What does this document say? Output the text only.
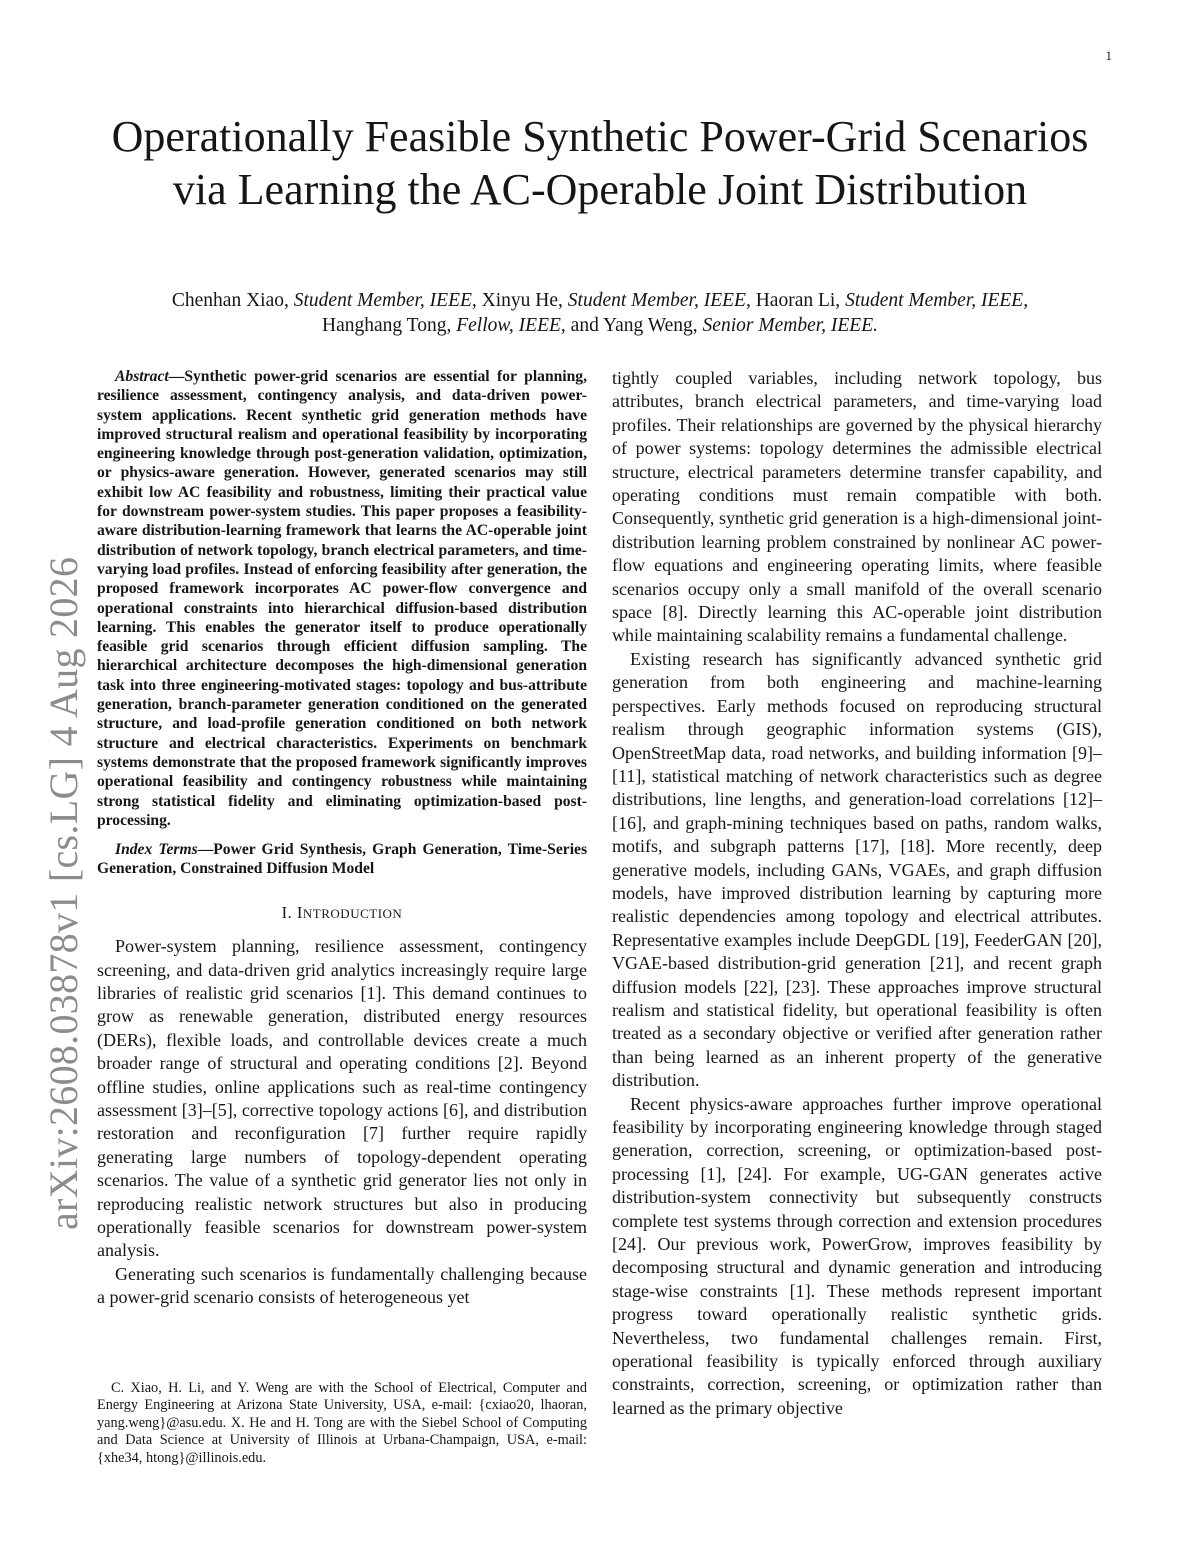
1
arXiv:2608.03878v1 [cs.LG] 4 Aug 2026
Operationally Feasible Synthetic Power-Grid Scenarios via Learning the AC-Operable Joint Distribution
Chenhan Xiao, Student Member, IEEE, Xinyu He, Student Member, IEEE, Haoran Li, Student Member, IEEE,
Hanghang Tong, Fellow, IEEE, and Yang Weng, Senior Member, IEEE.

Abstract—Synthetic power-grid scenarios are essential for planning, resilience assessment, contingency analysis, and data-driven power-system applications. Recent synthetic grid generation methods have improved structural realism and operational feasibility by incorporating engineering knowledge through post-generation validation, optimization, or physics-aware generation. However, generated scenarios may still exhibit low AC feasibility and robustness, limiting their practical value for downstream power-system studies. This paper proposes a feasibility-aware distribution-learning framework that learns the AC-operable joint distribution of network topology, branch electrical parameters, and time-varying load profiles. Instead of enforcing feasibility after generation, the proposed framework incorporates AC power-flow convergence and operational constraints into hierarchical diffusion-based distribution learning. This enables the generator itself to produce operationally feasible grid scenarios through efficient diffusion sampling. The hierarchical architecture decomposes the high-dimensional generation task into three engineering-motivated stages: topology and bus-attribute generation, branch-parameter generation conditioned on the generated structure, and load-profile generation conditioned on both network structure and electrical characteristics. Experiments on benchmark systems demonstrate that the proposed framework significantly improves operational feasibility and contingency robustness while maintaining strong statistical fidelity and eliminating optimization-based post-processing.

Index Terms—Power Grid Synthesis, Graph Generation, Time-Series Generation, Constrained Diffusion Model

I. INTRODUCTION

Power-system planning, resilience assessment, contingency screening, and data-driven grid analytics increasingly require large libraries of realistic grid scenarios [1]. This demand continues to grow as renewable generation, distributed energy resources (DERs), flexible loads, and controllable devices create a much broader range of structural and operating conditions [2]. Beyond offline studies, online applications such as real-time contingency assessment [3]–[5], corrective topology actions [6], and distribution restoration and reconfiguration [7] further require rapidly generating large numbers of topology-dependent operating scenarios. The value of a synthetic grid generator lies not only in reproducing realistic network structures but also in producing operationally feasible scenarios for downstream power-system analysis.

Generating such scenarios is fundamentally challenging because a power-grid scenario consists of heterogeneous yet

tightly coupled variables, including network topology, bus attributes, branch electrical parameters, and time-varying load profiles. Their relationships are governed by the physical hierarchy of power systems: topology determines the admissible electrical structure, electrical parameters determine transfer capability, and operating conditions must remain compatible with both. Consequently, synthetic grid generation is a high-dimensional joint-distribution learning problem constrained by nonlinear AC power-flow equations and engineering operating limits, where feasible scenarios occupy only a small manifold of the overall scenario space [8]. Directly learning this AC-operable joint distribution while maintaining scalability remains a fundamental challenge.

Existing research has significantly advanced synthetic grid generation from both engineering and machine-learning perspectives. Early methods focused on reproducing structural realism through geographic information systems (GIS), OpenStreetMap data, road networks, and building information [9]–[11], statistical matching of network characteristics such as degree distributions, line lengths, and generation-load correlations [12]–[16], and graph-mining techniques based on paths, random walks, motifs, and subgraph patterns [17], [18]. More recently, deep generative models, including GANs, VGAEs, and graph diffusion models, have improved distribution learning by capturing more realistic dependencies among topology and electrical attributes. Representative examples include DeepGDL [19], FeederGAN [20], VGAE-based distribution-grid generation [21], and recent graph diffusion models [22], [23]. These approaches improve structural realism and statistical fidelity, but operational feasibility is often treated as a secondary objective or verified after generation rather than being learned as an inherent property of the generative distribution.

Recent physics-aware approaches further improve operational feasibility by incorporating engineering knowledge through staged generation, correction, screening, or optimization-based post-processing [1], [24]. For example, UG-GAN generates active distribution-system connectivity but subsequently constructs complete test systems through correction and extension procedures [24]. Our previous work, PowerGrow, improves feasibility by decomposing structural and dynamic generation and introducing stage-wise constraints [1]. These methods represent important progress toward operationally realistic synthetic grids. Nevertheless, two fundamental challenges remain. First, operational feasibility is typically enforced through auxiliary constraints, correction, screening, or optimization rather than learned as the primary objective

C. Xiao, H. Li, and Y. Weng are with the School of Electrical, Computer and Energy Engineering at Arizona State University, USA, e-mail: {cxiao20, lhaoran, yang.weng}@asu.edu. X. He and H. Tong are with the Siebel School of Computing and Data Science at University of Illinois at Urbana-Champaign, USA, e-mail: {xhe34, htong}@illinois.edu.
